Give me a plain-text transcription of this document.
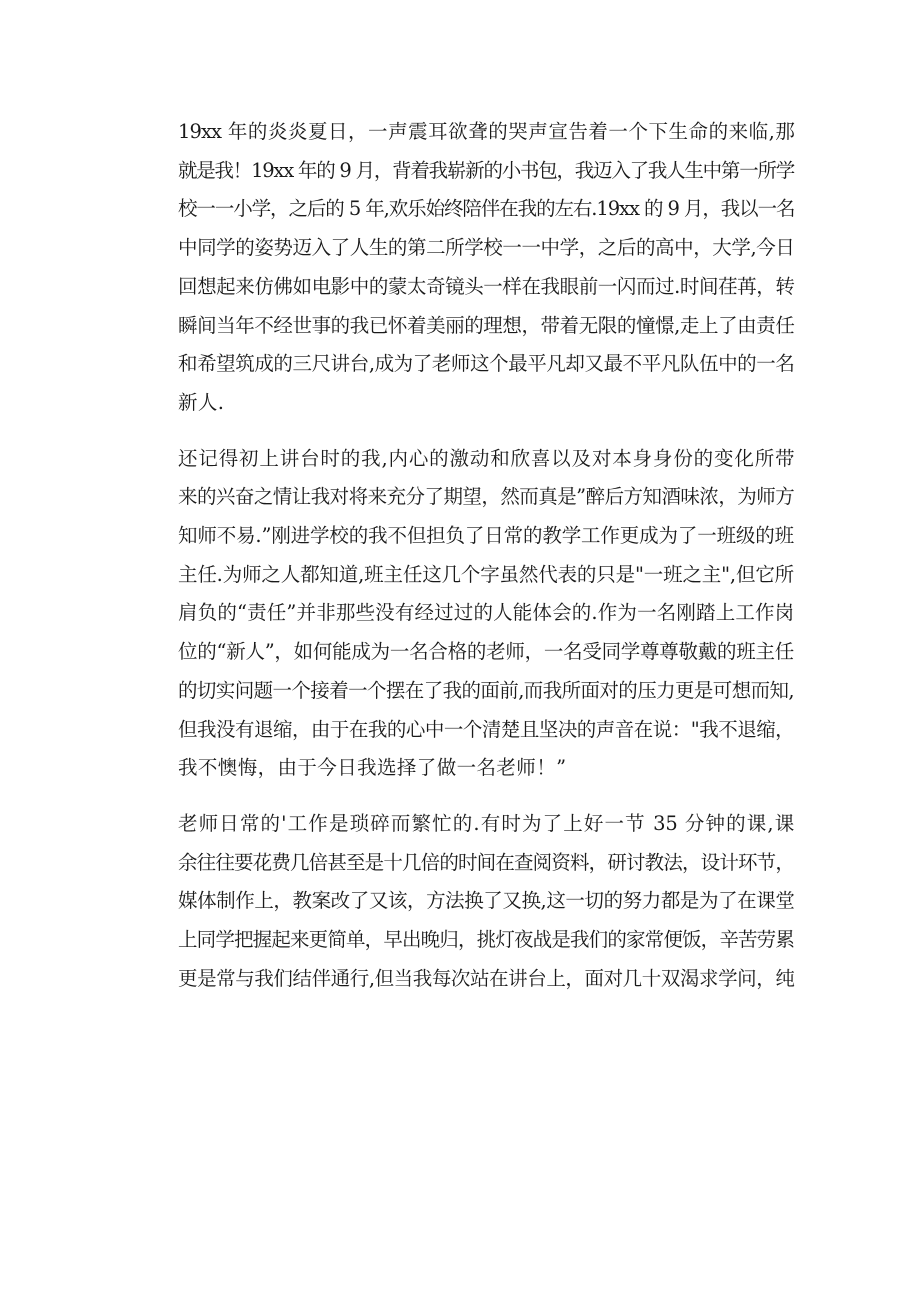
19xx 年的炎炎夏日，一声震耳欲聋的哭声宣告着一个下生命的来临,那
就是我！19xx 年的 9 月，背着我崭新的小书包，我迈入了我人生中第一所学
校一一小学，之后的 5 年,欢乐始终陪伴在我的左右.19xx 的 9 月，我以一名
中同学的姿势迈入了人生的第二所学校一一中学，之后的高中，大学,今日
回想起来仿佛如电影中的蒙太奇镜头一样在我眼前一闪而过.时间荏苒，转
瞬间当年不经世事的我已怀着美丽的理想，带着无限的憧憬,走上了由责任
和希望筑成的三尺讲台,成为了老师这个最平凡却又最不平凡队伍中的一名
新人.

还记得初上讲台时的我,内心的激动和欣喜以及对本身身份的变化所带
来的兴奋之情让我对将来充分了期望，然而真是”醉后方知酒味浓，为师方
知师不易.”刚进学校的我不但担负了日常的教学工作更成为了一班级的班
主任.为师之人都知道,班主任这几个字虽然代表的只是"一班之主",但它所
肩负的“责任”并非那些没有经过过的人能体会的.作为一名刚踏上工作岗
位的“新人”，如何能成为一名合格的老师，一名受同学尊尊敬戴的班主任
的切实问题一个接着一个摆在了我的面前,而我所面对的压力更是可想而知,
但我没有退缩，由于在我的心中一个清楚且坚决的声音在说："我不退缩，
我不懊悔，由于今日我选择了做一名老师！”

老师日常的'工作是琐碎而繁忙的.有时为了上好一节 35 分钟的课,课
余往往要花费几倍甚至是十几倍的时间在查阅资料，研讨教法，设计环节，
媒体制作上，教案改了又该，方法换了又换,这一切的努力都是为了在课堂
上同学把握起来更简单，早出晚归，挑灯夜战是我们的家常便饭，辛苦劳累
更是常与我们结伴通行,但当我每次站在讲台上，面对几十双渴求学问，纯
